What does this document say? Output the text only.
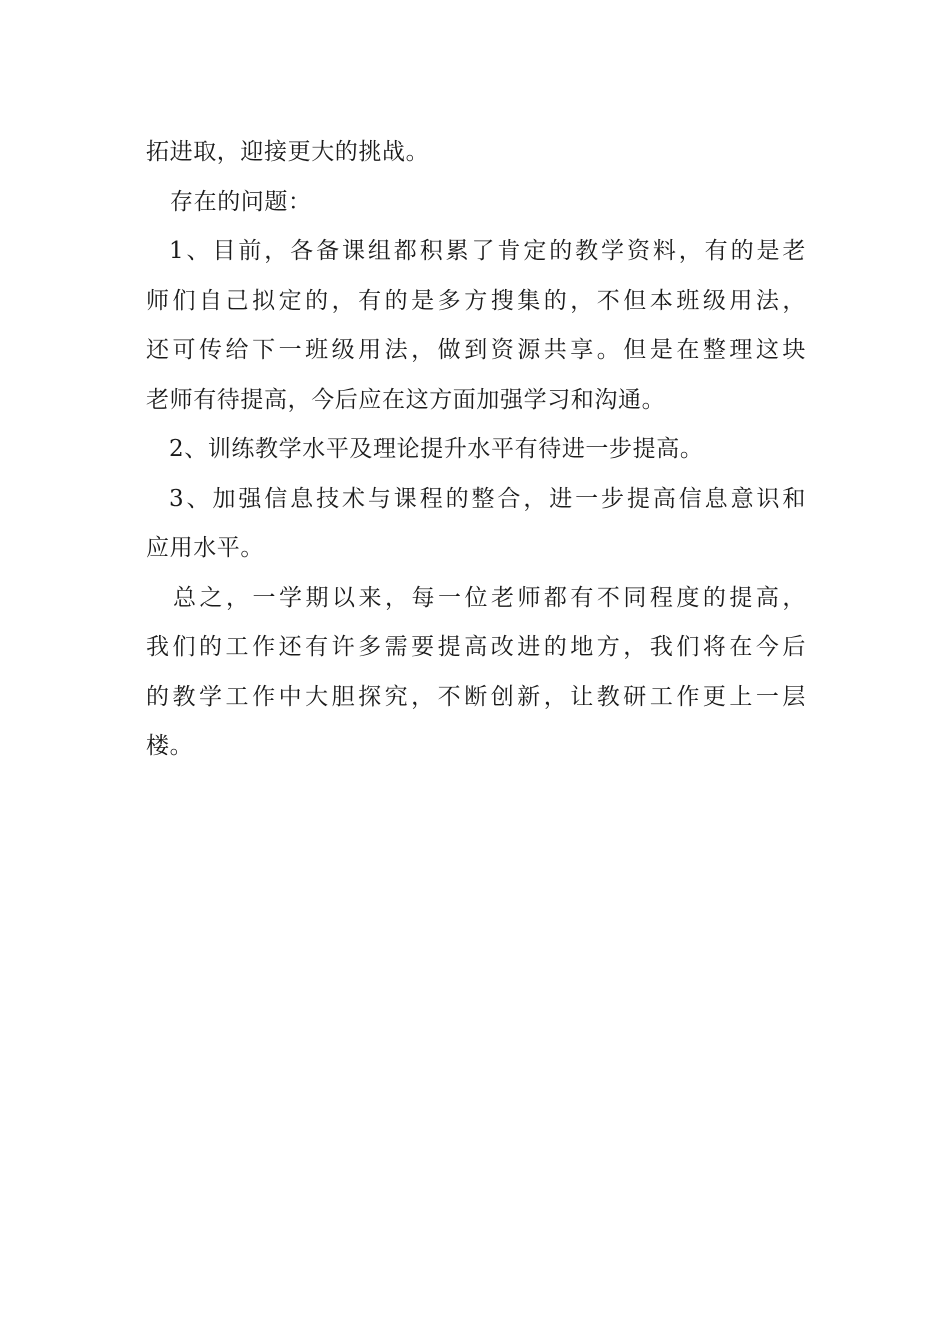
拓进取，迎接更大的挑战。
存在的问题：
1、目前，各备课组都积累了肯定的教学资料，有的是老
师们自己拟定的，有的是多方搜集的，不但本班级用法，
还可传给下一班级用法，做到资源共享。但是在整理这块
老师有待提高，今后应在这方面加强学习和沟通。
2、训练教学水平及理论提升水平有待进一步提高。
3、加强信息技术与课程的整合，进一步提高信息意识和
应用水平。
总之，一学期以来，每一位老师都有不同程度的提高，
我们的工作还有许多需要提高改进的地方，我们将在今后
的教学工作中大胆探究，不断创新，让教研工作更上一层
楼。
